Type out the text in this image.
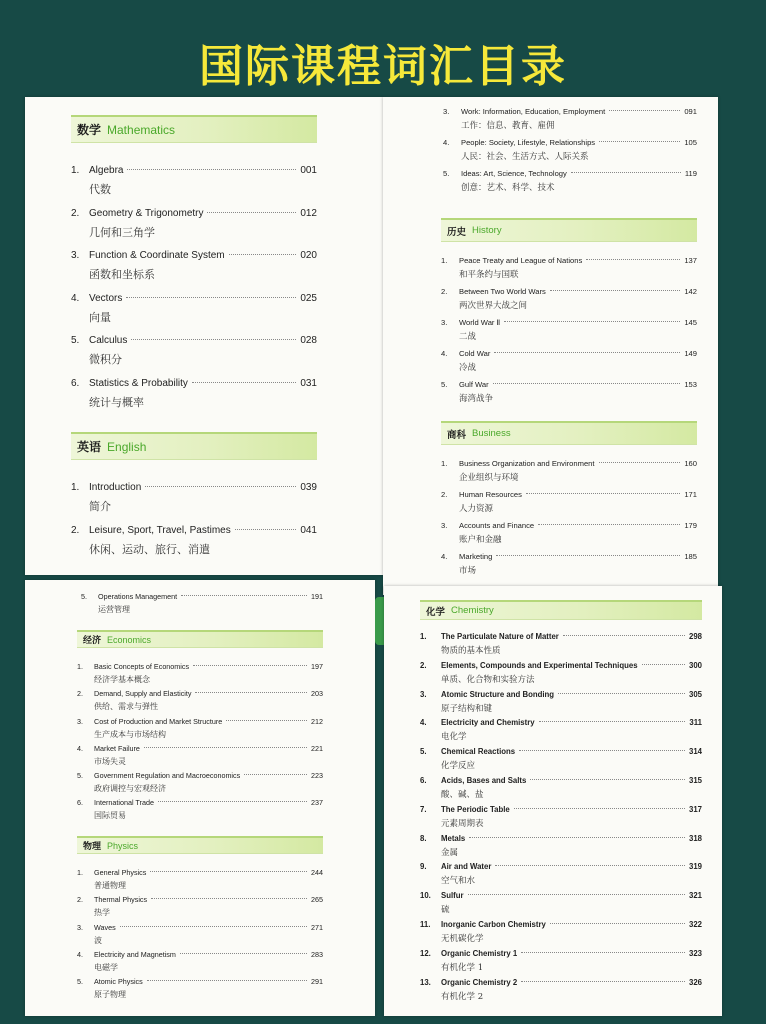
国际课程词汇目录
数学 Mathematics
1. Algebra	001
代数
2. Geometry & Trigonometry	012
几何和三角学
3. Function & Coordinate System	020
函数和坐标系
4. Vectors	025
向量
5. Calculus	028
微积分
6. Statistics & Probability	031
统计与概率
英语 English
1. Introduction	039
简介
2. Leisure, Sport, Travel, Pastimes	041
休闲、运动、旅行、消遣
3.	Work: Information, Education, Employment	091
工作：信息、教育、雇佣
4.	People: Society, Lifestyle, Relationships	105
人民：社会、生活方式、人际关系
5.	Ideas: Art, Science, Technology	119
创意：艺术、科学、技术
历史 History
1.	Peace Treaty and League of Nations	137
和平条约与国联
2.	Between Two World Wars	142
两次世界大战之间
3.	World War Ⅱ	145
二战
4.	Cold War	149
冷战
5.	Gulf War	153
海湾战争
商科 Business
1.	Business Organization and Environment	160
企业组织与环境
2.	Human Resources	171
人力资源
3.	Accounts and Finance	179
账户和金融
4.	Marketing	185
市场
5.	Operations Management	191
运营管理
经济 Economics
1.	Basic Concepts of Economics	197
经济学基本概念
2.	Demand, Supply and Elasticity	203
供给、需求与弹性
3.	Cost of Production and Market Structure	212
生产成本与市场结构
4.	Market Failure	221
市场失灵
5.	Government Regulation and Macroeconomics	223
政府调控与宏观经济
6.	International Trade	237
国际贸易
物理 Physics
1.	General Physics	244
普通物理
2.	Thermal Physics	265
热学
3.	Waves	271
波
4.	Electricity and Magnetism	283
电磁学
5.	Atomic Physics	291
原子物理
化学 Chemistry
1.	The Particulate Nature of Matter	298
物质的基本性质
2.	Elements, Compounds and Experimental Techniques	300
单质、化合物和实验方法
3.	Atomic Structure and Bonding	305
原子结构和键
4.	Electricity and Chemistry	311
电化学
5.	Chemical Reactions	314
化学反应
6.	Acids, Bases and Salts	315
酸、碱、盐
7.	The Periodic Table	317
元素周期表
8.	Metals	318
金属
9.	Air and Water	319
空气和水
10.	Sulfur	321
硫
11.	Inorganic Carbon Chemistry	322
无机碳化学
12.	Organic Chemistry 1	323
有机化学 1
13.	Organic Chemistry 2	326
有机化学 2
